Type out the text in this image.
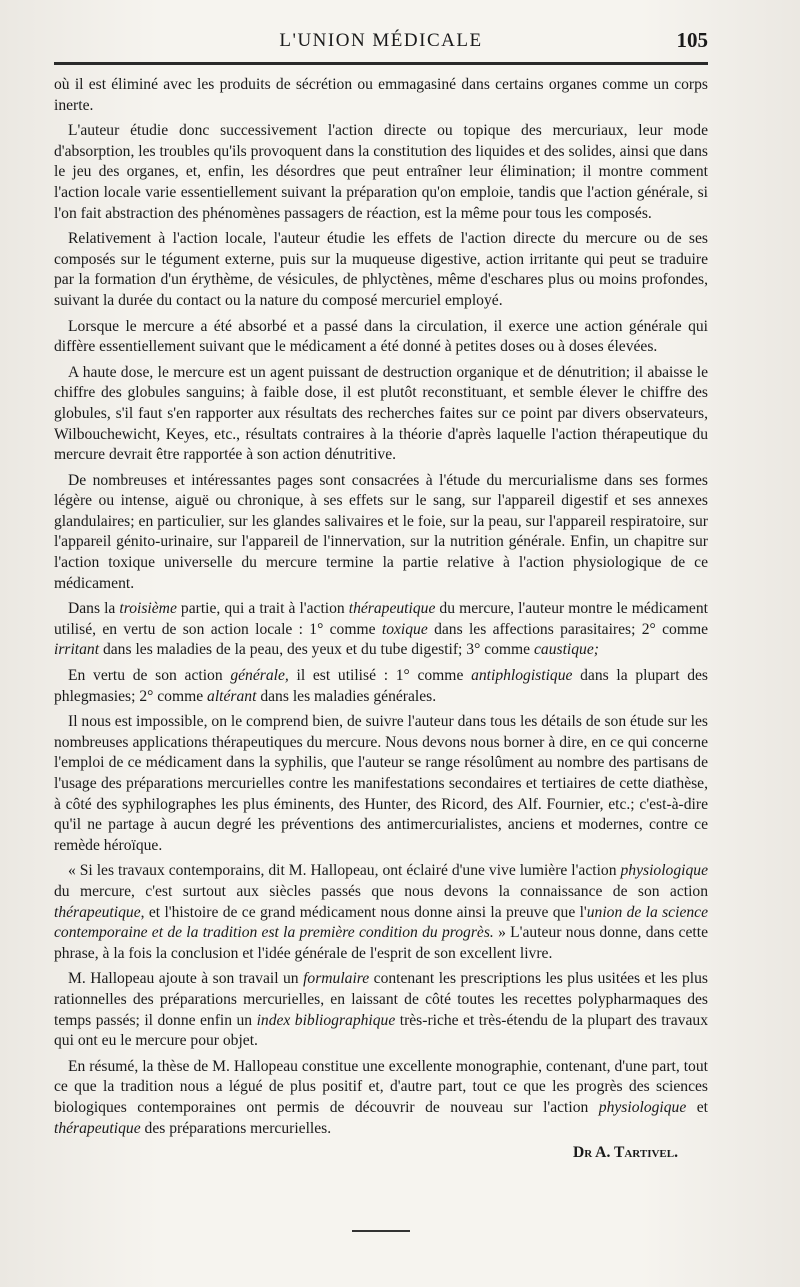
L'UNION MÉDICALE	105

où il est éliminé avec les produits de sécrétion ou emmagasiné dans certains organes comme un corps inerte.

L'auteur étudie donc successivement l'action directe ou topique des mercuriaux, leur mode d'absorption, les troubles qu'ils provoquent dans la constitution des liquides et des solides, ainsi que dans le jeu des organes, et, enfin, les désordres que peut entraîner leur élimination; il montre comment l'action locale varie essentiellement suivant la préparation qu'on emploie, tandis que l'action générale, si l'on fait abstraction des phénomènes passagers de réaction, est la même pour tous les composés.

Relativement à l'action locale, l'auteur étudie les effets de l'action directe du mercure ou de ses composés sur le tégument externe, puis sur la muqueuse digestive, action irritante qui peut se traduire par la formation d'un érythème, de vésicules, de phlyctènes, même d'eschares plus ou moins profondes, suivant la durée du contact ou la nature du composé mercuriel employé.

Lorsque le mercure a été absorbé et a passé dans la circulation, il exerce une action générale qui diffère essentiellement suivant que le médicament a été donné à petites doses ou à doses élevées.

A haute dose, le mercure est un agent puissant de destruction organique et de dénutrition; il abaisse le chiffre des globules sanguins; à faible dose, il est plutôt reconstituant, et semble élever le chiffre des globules, s'il faut s'en rapporter aux résultats des recherches faites sur ce point par divers observateurs, Wilbouchewicht, Keyes, etc., résultats contraires à la théorie d'après laquelle l'action thérapeutique du mercure devrait être rapportée à son action dénutritive.

De nombreuses et intéressantes pages sont consacrées à l'étude du mercurialisme dans ses formes légère ou intense, aiguë ou chronique, à ses effets sur le sang, sur l'appareil digestif et ses annexes glandulaires; en particulier, sur les glandes salivaires et le foie, sur la peau, sur l'appareil respiratoire, sur l'appareil génito-urinaire, sur l'appareil de l'innervation, sur la nutrition générale. Enfin, un chapitre sur l'action toxique universelle du mercure termine la partie relative à l'action physiologique de ce médicament.

Dans la troisième partie, qui a trait à l'action thérapeutique du mercure, l'auteur montre le médicament utilisé, en vertu de son action locale : 1° comme toxique dans les affections parasitaires; 2° comme irritant dans les maladies de la peau, des yeux et du tube digestif; 3° comme caustique;

En vertu de son action générale, il est utilisé : 1° comme antiphlogistique dans la plupart des phlegmasies; 2° comme altérant dans les maladies générales.

Il nous est impossible, on le comprend bien, de suivre l'auteur dans tous les détails de son étude sur les nombreuses applications thérapeutiques du mercure. Nous devons nous borner à dire, en ce qui concerne l'emploi de ce médicament dans la syphilis, que l'auteur se range résolûment au nombre des partisans de l'usage des préparations mercurielles contre les manifestations secondaires et tertiaires de cette diathèse, à côté des syphilographes les plus éminents, des Hunter, des Ricord, des Alf. Fournier, etc.; c'est-à-dire qu'il ne partage à aucun degré les préventions des antimercurialistes, anciens et modernes, contre ce remède héroïque.

« Si les travaux contemporains, dit M. Hallopeau, ont éclairé d'une vive lumière l'action physiologique du mercure, c'est surtout aux siècles passés que nous devons la connaissance de son action thérapeutique, et l'histoire de ce grand médicament nous donne ainsi la preuve que l'union de la science contemporaine et de la tradition est la première condition du progrès. » L'auteur nous donne, dans cette phrase, à la fois la conclusion et l'idée générale de l'esprit de son excellent livre.

M. Hallopeau ajoute à son travail un formulaire contenant les prescriptions les plus usitées et les plus rationnelles des préparations mercurielles, en laissant de côté toutes les recettes polypharmaques des temps passés; il donne enfin un index bibliographique très-riche et très-étendu de la plupart des travaux qui ont eu le mercure pour objet.

En résumé, la thèse de M. Hallopeau constitue une excellente monographie, contenant, d'une part, tout ce que la tradition nous a légué de plus positif et, d'autre part, tout ce que les progrès des sciences biologiques contemporaines ont permis de découvrir de nouveau sur l'action physiologique et thérapeutique des préparations mercurielles.

Dr A. Tartivel.
